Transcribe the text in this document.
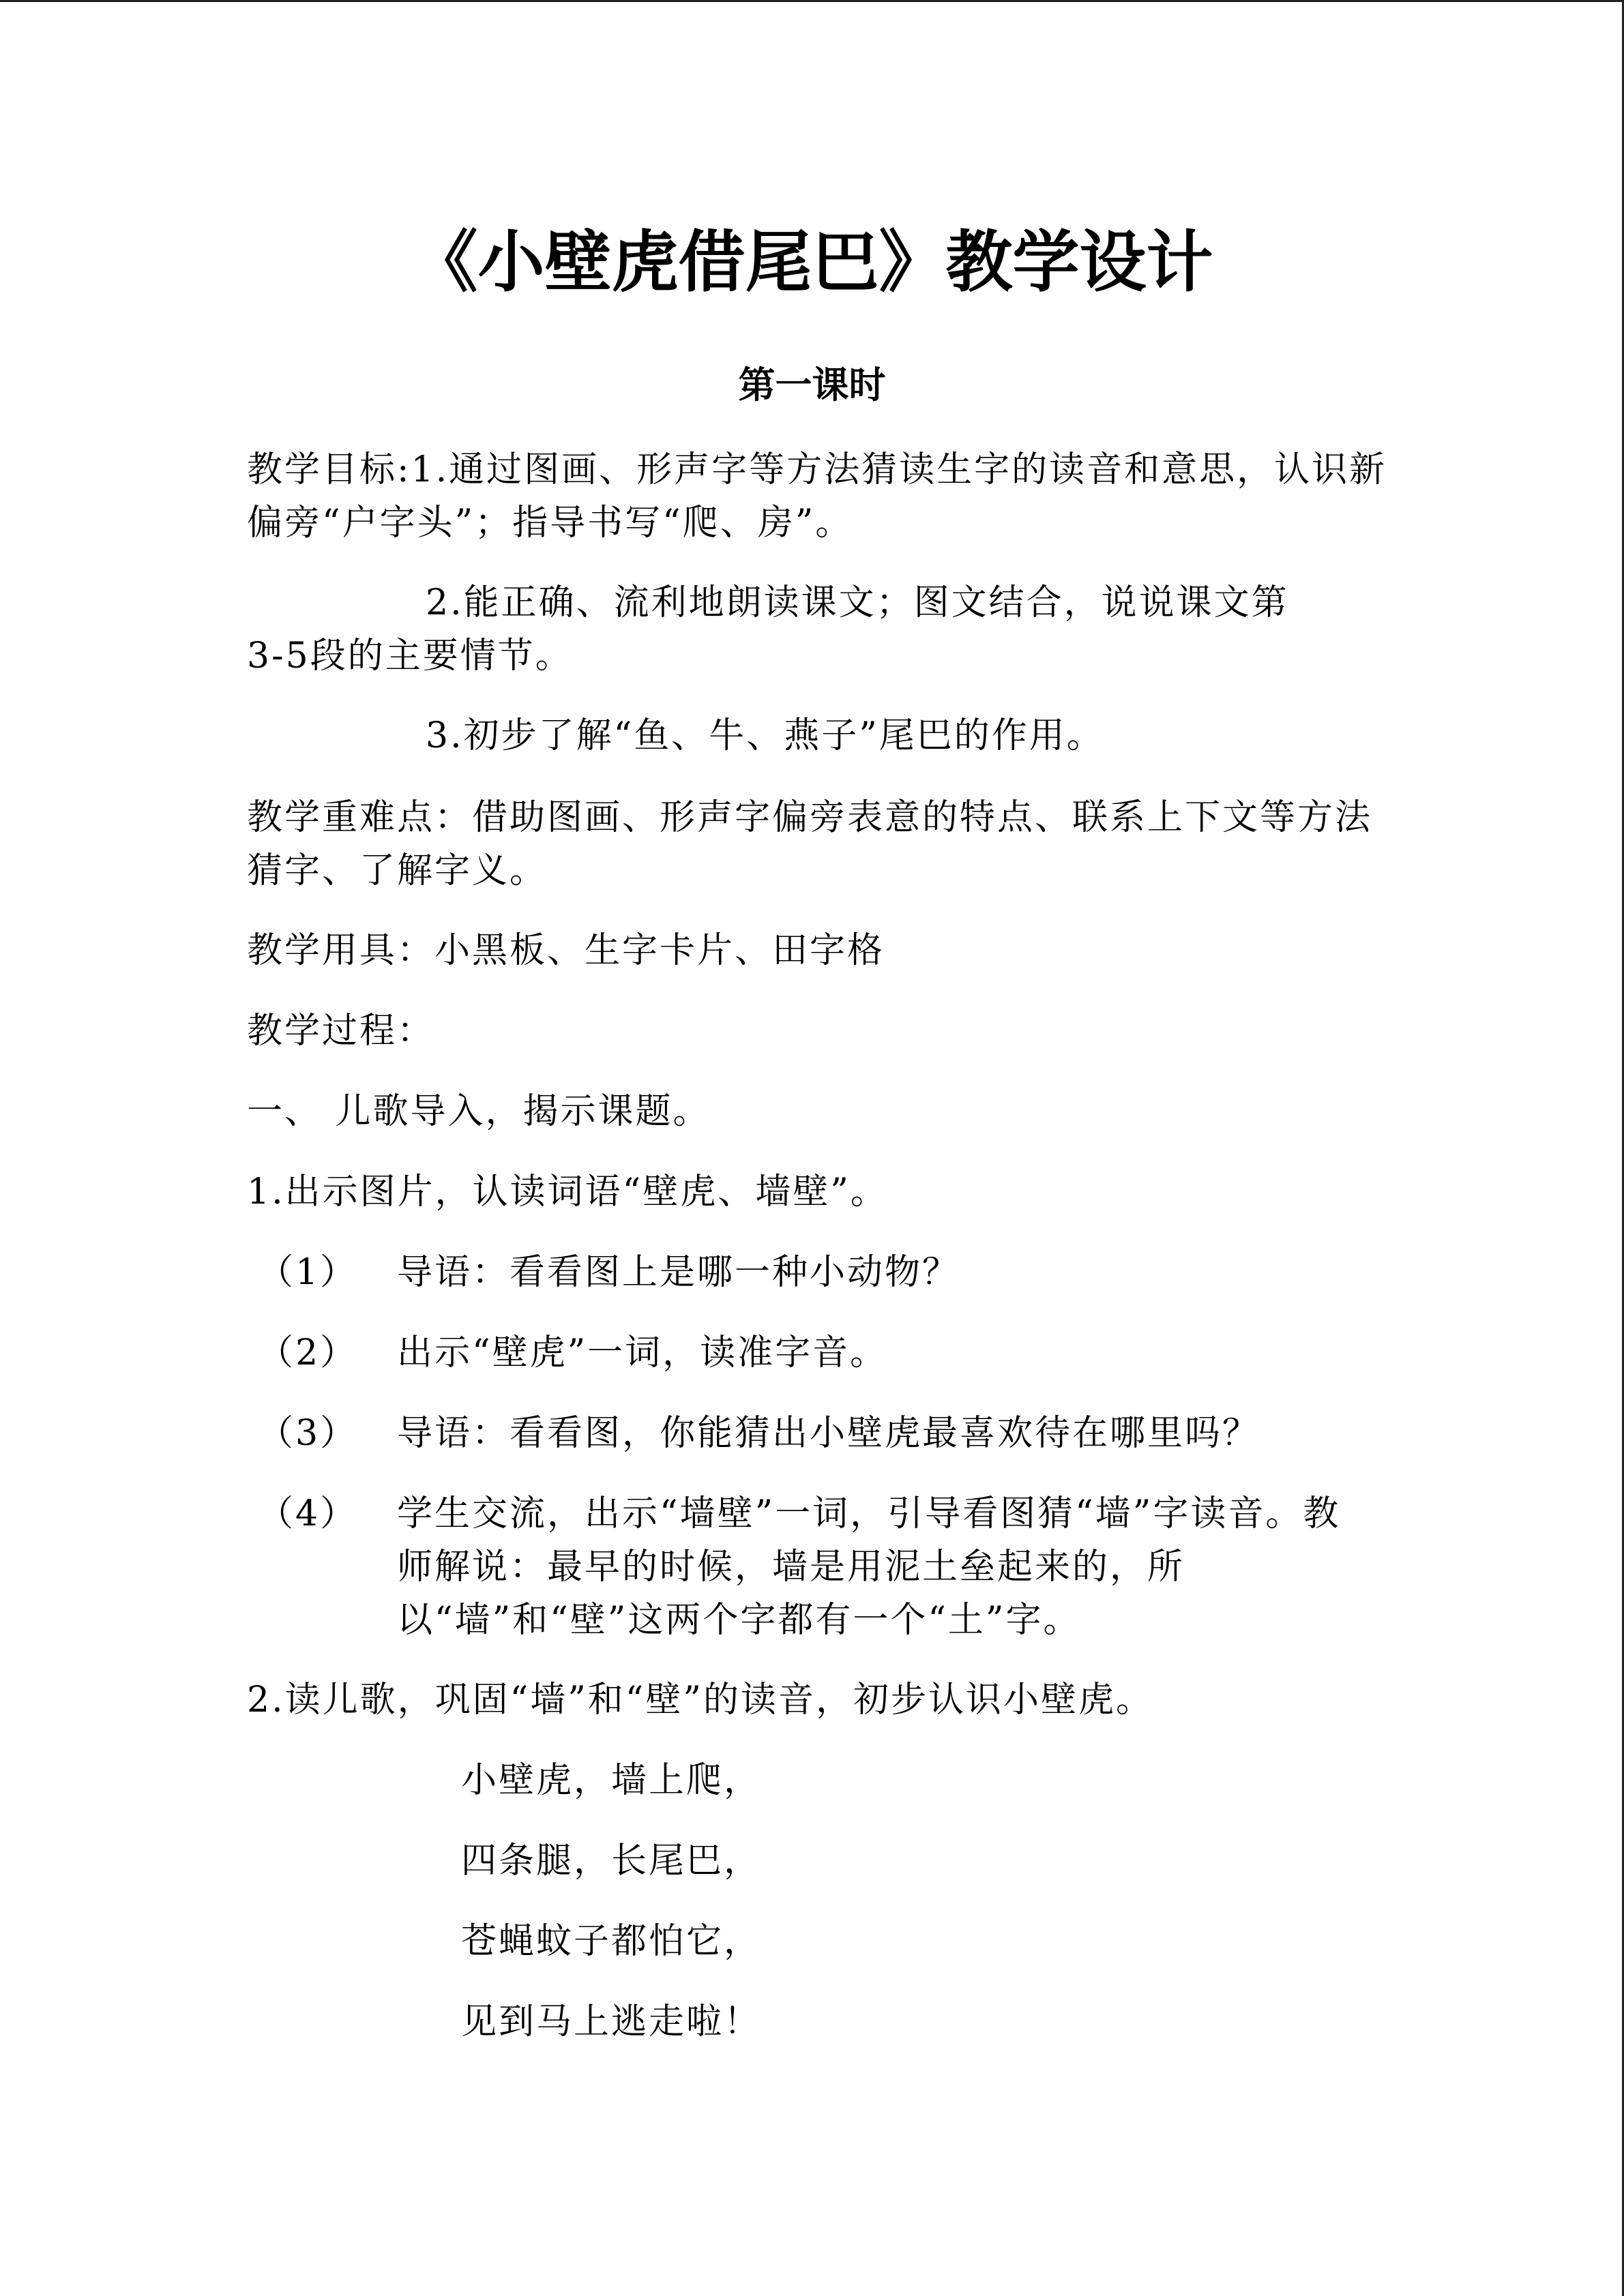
《小壁虎借尾巴》教学设计
第一课时

教学目标:1.通过图画、形声字等方法猜读生字的读音和意思，认识新偏旁“户字头”；指导书写“爬、房”。

2.能正确、流利地朗读课文；图文结合，说说课文第
3-5段的主要情节。

3.初步了解“鱼、牛、燕子”尾巴的作用。

教学重难点：借助图画、形声字偏旁表意的特点、联系上下文等方法猜字、了解字义。

教学用具：小黑板、生字卡片、田字格

教学过程：

一、 儿歌导入，揭示课题。

1.出示图片，认读词语“壁虎、墙壁”。

（1） 导语：看看图上是哪一种小动物？
（2） 出示“壁虎”一词，读准字音。
（3） 导语：看看图，你能猜出小壁虎最喜欢待在哪里吗？
（4） 学生交流，出示“墙壁”一词，引导看图猜“墙”字读音。教师解说：最早的时候，墙是用泥土垒起来的，所以“墙”和“壁”这两个字都有一个“土”字。

2.读儿歌，巩固“墙”和“壁”的读音，初步认识小壁虎。

小壁虎，墙上爬，

四条腿，长尾巴，

苍蝇蚊子都怕它，

见到马上逃走啦！
